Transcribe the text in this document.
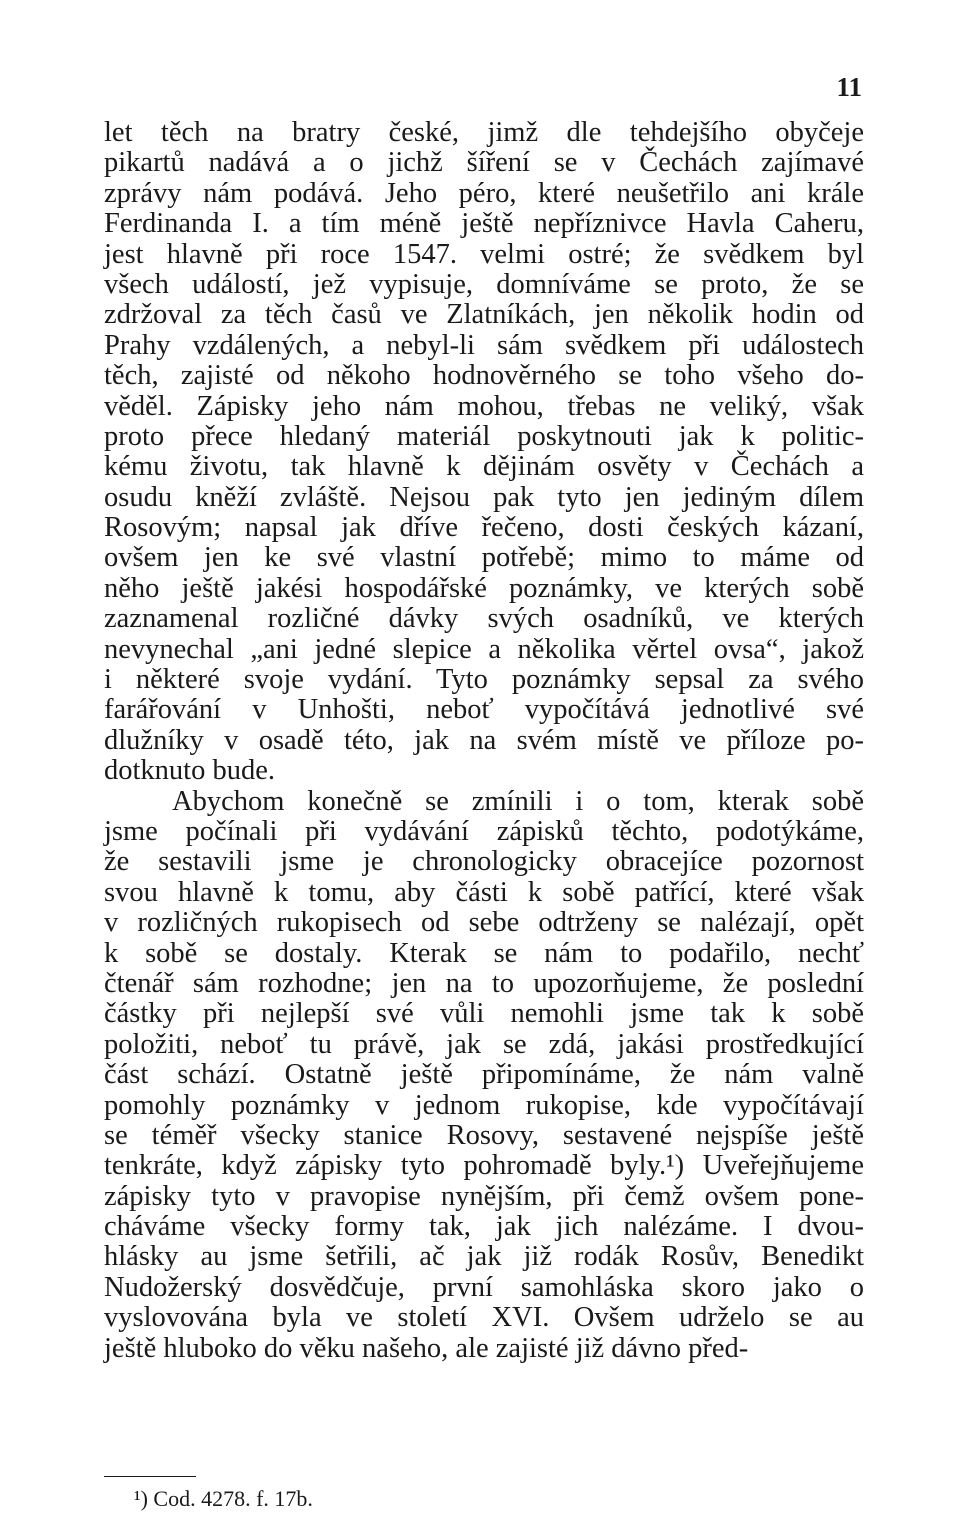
11
let těch na bratry české, jimž dle tehdejšího obyčeje
pikartů nadává a o jichž šíření se v Čechách zajímavé
zprávy nám podává. Jeho péro, které neušetřilo ani krále
Ferdinanda I. a tím méně ještě nepříznivce Havla Caheru,
jest hlavně při roce 1547. velmi ostré; že svědkem byl
všech událostí, jež vypisuje, domníváme se proto, že se
zdržoval za těch časů ve Zlatníkách, jen několik hodin od
Prahy vzdálených, a nebyl-li sám svědkem při událostech
těch, zajisté od někoho hodnověrného se toho všeho do-
věděl. Zápisky jeho nám mohou, třebas ne veliký, však
proto přece hledaný materiál poskytnouti jak k politic-
kému životu, tak hlavně k dějinám osvěty v Čechách a
osudu kněží zvláště. Nejsou pak tyto jen jediným dílem
Rosovým; napsal jak dříve řečeno, dosti českých kázaní,
ovšem jen ke své vlastní potřebě; mimo to máme od
něho ještě jakési hospodářské poznámky, ve kterých sobě
zaznamenal rozličné dávky svých osadníků, ve kterých
nevynechal „ani jedné slepice a několika věrtel ovsa“, jakož
i některé svoje vydání. Tyto poznámky sepsal za svého
farářování v Unhošti, neboť vypočítává jednotlivé své
dlužníky v osadě této, jak na svém místě ve příloze po-
dotknuto bude.
Abychom konečně se zmínili i o tom, kterak sobě
jsme počínali při vydávání zápisků těchto, podotýkáme,
že sestavili jsme je chronologicky obracejíce pozornost
svou hlavně k tomu, aby části k sobě patřící, které však
v rozličných rukopisech od sebe odtrženy se nalézají, opět
k sobě se dostaly. Kterak se nám to podařilo, nechť
čtenář sám rozhodne; jen na to upozorňujeme, že poslední
částky při nejlepší své vůli nemohli jsme tak k sobě
položiti, neboť tu právě, jak se zdá, jakási prostředkující
část schází. Ostatně ještě připomínáme, že nám valně
pomohly poznámky v jednom rukopise, kde vypočítávají
se téměř všecky stanice Rosovy, sestavené nejspíše ještě
tenkráte, když zápisky tyto pohromadě byly.¹) Uveřejňujeme
zápisky tyto v pravopise nynějším, při čemž ovšem pone-
cháváme všecky formy tak, jak jich nalézáme. I dvou-
hlásky au jsme šetřili, ač jak již rodák Rosův, Benedikt
Nudožerský dosvědčuje, první samohláska skoro jako o
vyslovována byla ve století XVI. Ovšem udrželo se au
ještě hluboko do věku našeho, ale zajisté již dávno před-
¹) Cod. 4278. f. 17b.
